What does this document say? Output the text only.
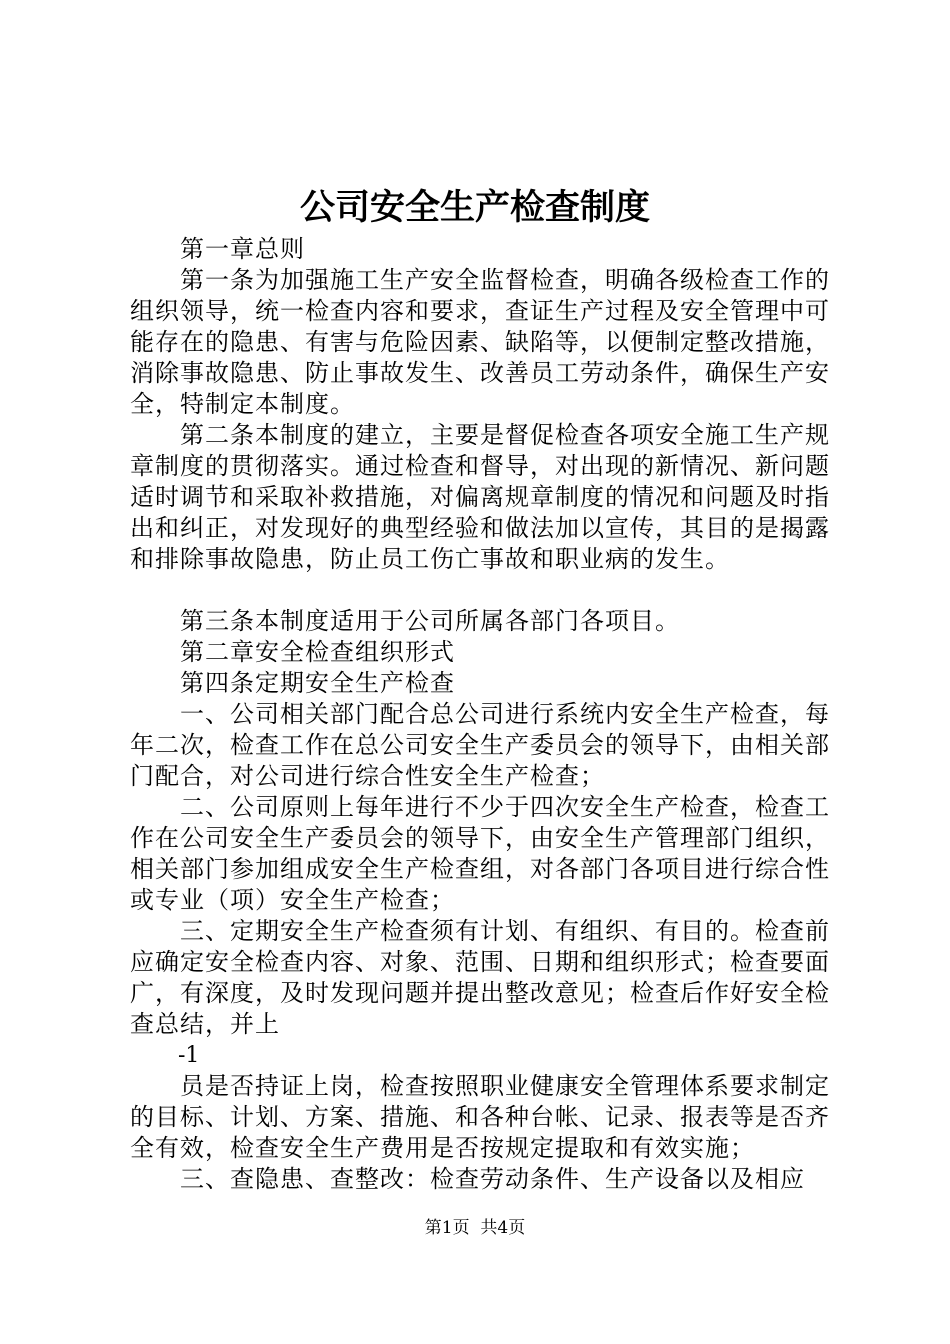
公司安全生产检查制度

第一章总则

第一条为加强施工生产安全监督检查，明确各级检查工作的组织领导，统一检查内容和要求，查证生产过程及安全管理中可能存在的隐患、有害与危险因素、缺陷等，以便制定整改措施，消除事故隐患、防止事故发生、改善员工劳动条件，确保生产安全，特制定本制度。

第二条本制度的建立，主要是督促检查各项安全施工生产规章制度的贯彻落实。通过检查和督导，对出现的新情况、新问题适时调节和采取补救措施，对偏离规章制度的情况和问题及时指出和纠正，对发现好的典型经验和做法加以宣传，其目的是揭露和排除事故隐患，防止员工伤亡事故和职业病的发生。

第三条本制度适用于公司所属各部门各项目。

第二章安全检查组织形式

第四条定期安全生产检查

一、公司相关部门配合总公司进行系统内安全生产检查，每年二次，检查工作在总公司安全生产委员会的领导下，由相关部门配合，对公司进行综合性安全生产检查；

二、公司原则上每年进行不少于四次安全生产检查，检查工作在公司安全生产委员会的领导下，由安全生产管理部门组织，相关部门参加组成安全生产检查组，对各部门各项目进行综合性或专业（项）安全生产检查；

三、定期安全生产检查须有计划、有组织、有目的。检查前应确定安全检查内容、对象、范围、日期和组织形式；检查要面广，有深度，及时发现问题并提出整改意见；检查后作好安全检查总结，并上

-1

员是否持证上岗，检查按照职业健康安全管理体系要求制定的目标、计划、方案、措施、和各种台帐、记录、报表等是否齐全有效，检查安全生产费用是否按规定提取和有效实施；

三、查隐患、查整改：检查劳动条件、生产设备以及相应

第1页  共4页
